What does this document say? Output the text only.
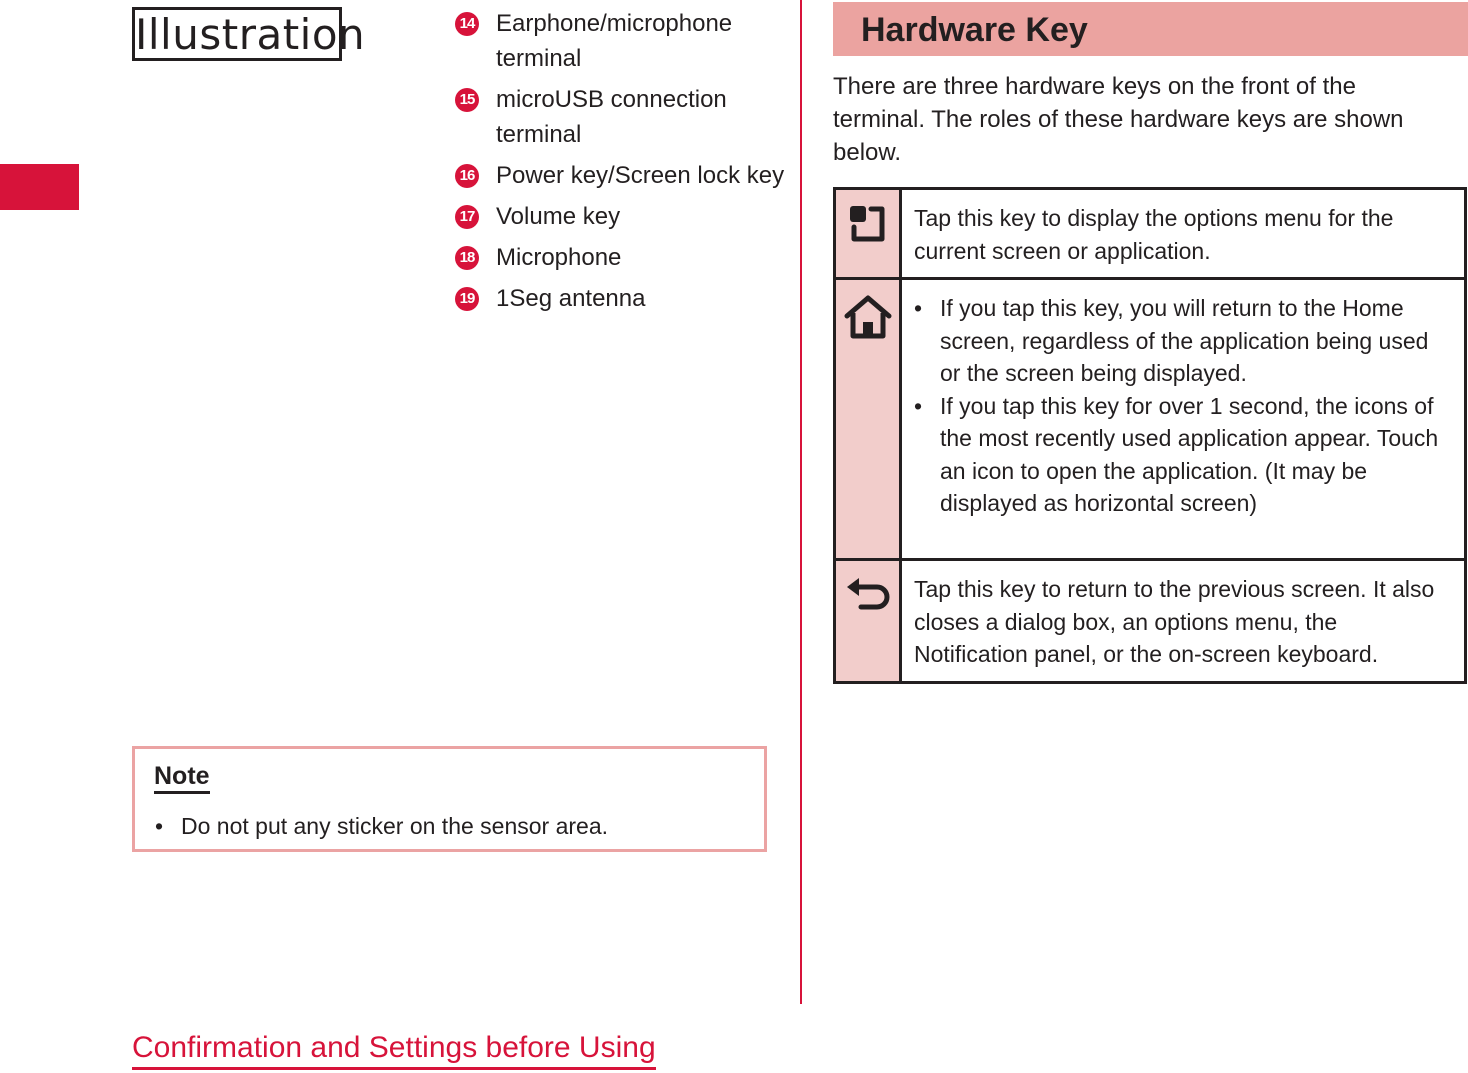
Illustration	14 Earphone/microphone terminal
15 microUSB connection terminal
16 Power key/Screen lock key
17 Volume key
18 Microphone
19 1Seg antenna
Note
• Do not put any sticker on the sensor area.
Confirmation and Settings before Using
Hardware Key
There are three hardware keys on the front of the terminal. The roles of these hardware keys are shown below.
	Tap this key to display the options menu for the current screen or application.

• If you tap this key, you will return to the Home screen, regardless of the application being used or the screen being displayed.
• If you tap this key for over 1 second, the icons of the most recently used application appear. Touch an icon to open the application. (It may be displayed as horizontal screen)

	Tap this key to return to the previous screen. It also closes a dialog box, an options menu, the Notification panel, or the on-screen keyboard.
